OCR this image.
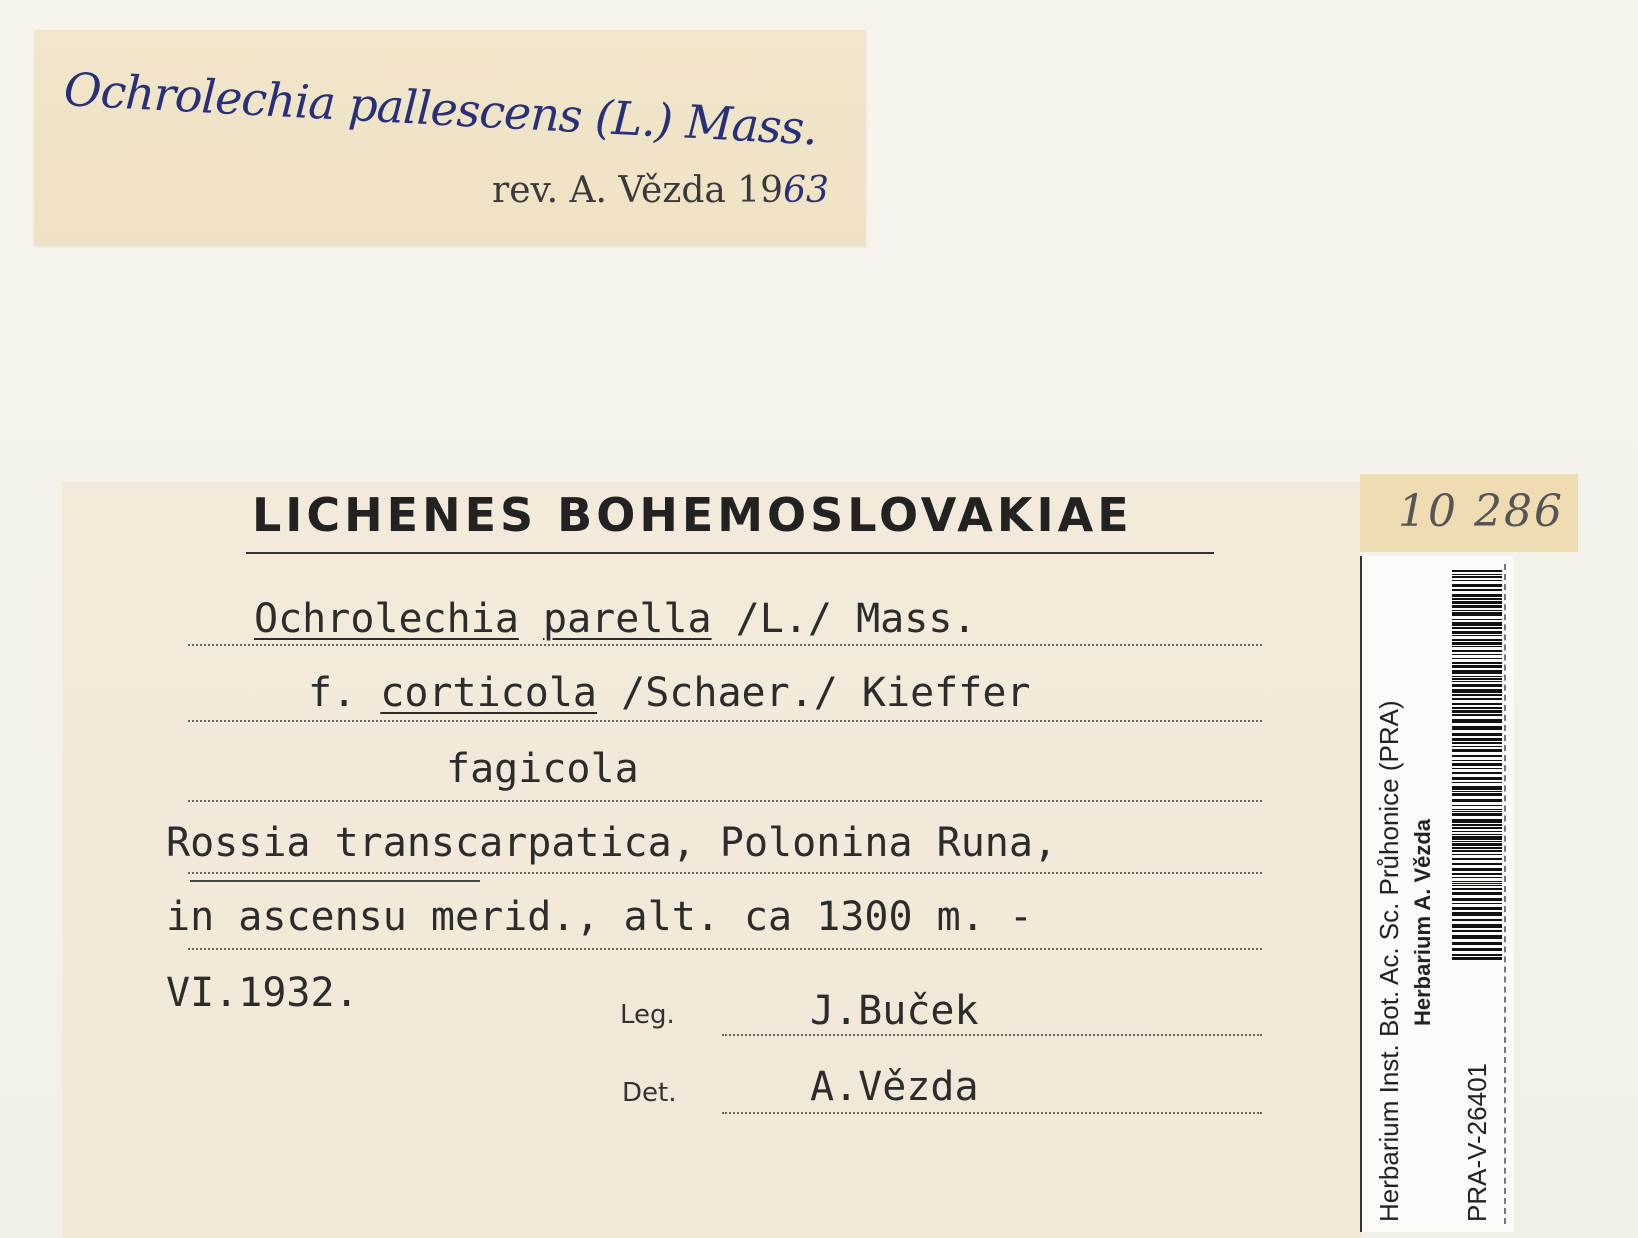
Ochrolechia pallescens (L.) Mass.
rev. A. Vězda 1963
LICHENES BOHEMOSLOVAKIAE
Ochrolechia parella /L./ Mass.
f. corticola /Schaer./ Kieffer
fagicola
Rossia transcarpatica, Polonina Runa,
in ascensu merid., alt. ca 1300 m. -
VI.1932.	Leg.	J.Buček
Det.	A.Vězda
10 286
Herbarium Inst. Bot. Ac. Sc. Průhonice (PRA) Herbarium A. Vězda
PRA-V-26401
